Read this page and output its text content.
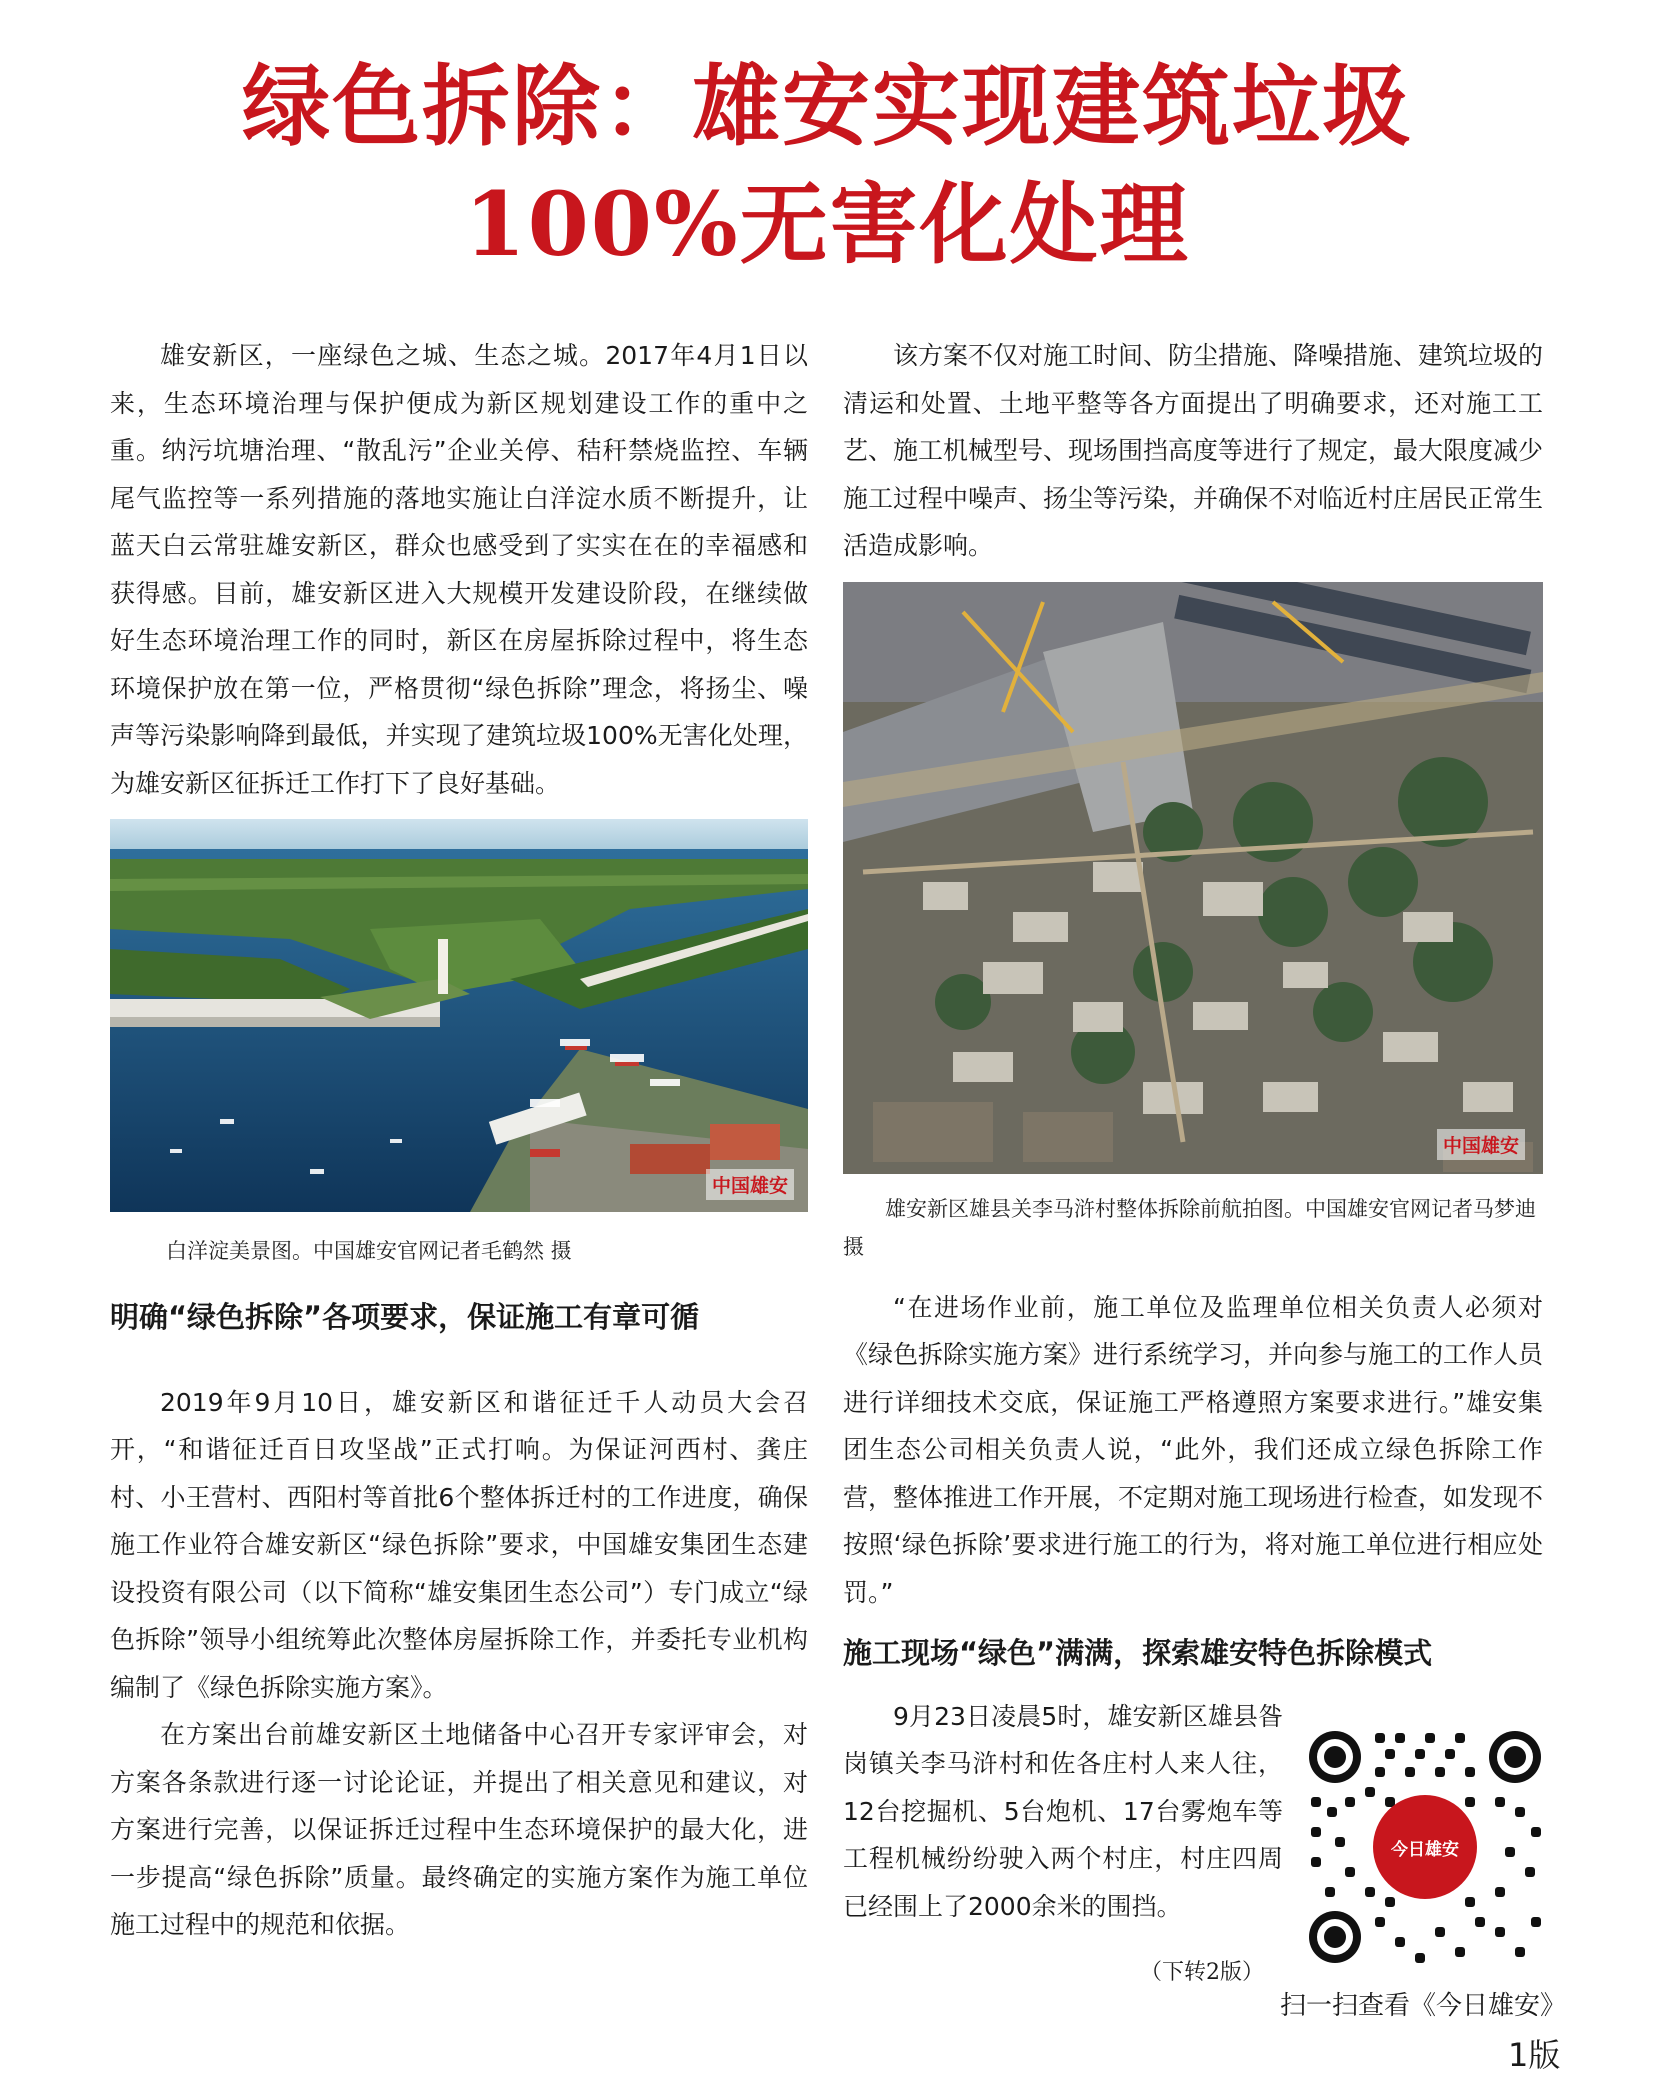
绿色拆除：雄安实现建筑垃圾
100%无害化处理

雄安新区，一座绿色之城、生态之城。2017年4月1日以来，生态环境治理与保护便成为新区规划建设工作的重中之重。纳污坑塘治理、“散乱污”企业关停、秸秆禁烧监控、车辆尾气监控等一系列措施的落地实施让白洋淀水质不断提升，让蓝天白云常驻雄安新区，群众也感受到了实实在在的幸福感和获得感。目前，雄安新区进入大规模开发建设阶段，在继续做好生态环境治理工作的同时，新区在房屋拆除过程中，将生态环境保护放在第一位，严格贯彻“绿色拆除”理念，将扬尘、噪声等污染影响降到最低，并实现了建筑垃圾100%无害化处理，为雄安新区征拆迁工作打下了良好基础。

中国雄安

白洋淀美景图。中国雄安官网记者毛鹤然 摄

明确“绿色拆除”各项要求，保证施工有章可循

2019年9月10日，雄安新区和谐征迁千人动员大会召开，“和谐征迁百日攻坚战”正式打响。为保证河西村、龚庄村、小王营村、西阳村等首批6个整体拆迁村的工作进度，确保施工作业符合雄安新区“绿色拆除”要求，中国雄安集团生态建设投资有限公司（以下简称“雄安集团生态公司”）专门成立“绿色拆除”领导小组统筹此次整体房屋拆除工作，并委托专业机构编制了《绿色拆除实施方案》。

在方案出台前雄安新区土地储备中心召开专家评审会，对方案各条款进行逐一讨论论证，并提出了相关意见和建议，对方案进行完善，以保证拆迁过程中生态环境保护的最大化，进一步提高“绿色拆除”质量。最终确定的实施方案作为施工单位施工过程中的规范和依据。

该方案不仅对施工时间、防尘措施、降噪措施、建筑垃圾的清运和处置、土地平整等各方面提出了明确要求，还对施工工艺、施工机械型号、现场围挡高度等进行了规定，最大限度减少施工过程中噪声、扬尘等污染，并确保不对临近村庄居民正常生活造成影响。

中国雄安

雄安新区雄县关李马浒村整体拆除前航拍图。中国雄安官网记者马梦迪 摄

“在进场作业前，施工单位及监理单位相关负责人必须对《绿色拆除实施方案》进行系统学习，并向参与施工的工作人员进行详细技术交底，保证施工严格遵照方案要求进行。”雄安集团生态公司相关负责人说，“此外，我们还成立绿色拆除工作营，整体推进工作开展，不定期对施工现场进行检查，如发现不按照‘绿色拆除’要求进行施工的行为，将对施工单位进行相应处罚。”

施工现场“绿色”满满，探索雄安特色拆除模式

9月23日凌晨5时，雄安新区雄县昝岗镇关李马浒村和佐各庄村人来人往，12台挖掘机、5台炮机、17台雾炮车等工程机械纷纷驶入两个村庄，村庄四周已经围上了2000余米的围挡。

今日雄安
（下转2版）
扫一扫查看《今日雄安》
1版
